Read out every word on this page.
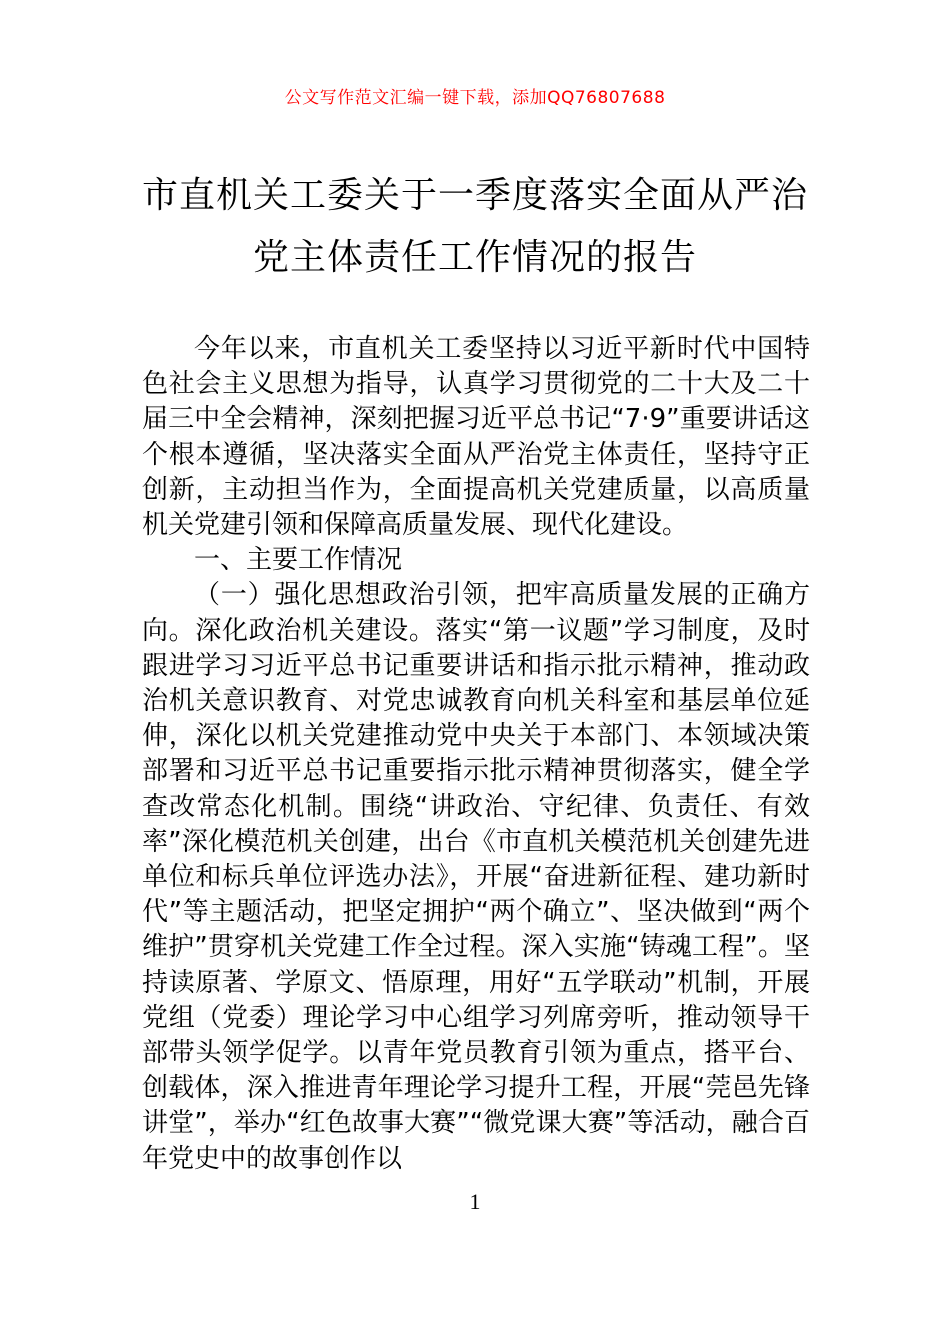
公文写作范文汇编一键下载，添加QQ76807688
市直机关工委关于一季度落实全面从严治
党主体责任工作情况的报告

今年以来，市直机关工委坚持以习近平新时代中国特色社会主义思想为指导，认真学习贯彻党的二十大及二十届三中全会精神，深刻把握习近平总书记“7·9”重要讲话这个根本遵循，坚决落实全面从严治党主体责任，坚持守正创新，主动担当作为，全面提高机关党建质量，以高质量机关党建引领和保障高质量发展、现代化建设。

一、主要工作情况

（一）强化思想政治引领，把牢高质量发展的正确方向。深化政治机关建设。落实“第一议题”学习制度，及时跟进学习习近平总书记重要讲话和指示批示精神，推动政治机关意识教育、对党忠诚教育向机关科室和基层单位延伸，深化以机关党建推动党中央关于本部门、本领域决策部署和习近平总书记重要指示批示精神贯彻落实，健全学查改常态化机制。围绕“讲政治、守纪律、负责任、有效率”深化模范机关创建，出台《市直机关模范机关创建先进单位和标兵单位评选办法》，开展“奋进新征程、建功新时代”等主题活动，把坚定拥护“两个确立”、坚决做到“两个维护”贯穿机关党建工作全过程。深入实施“铸魂工程”。坚持读原著、学原文、悟原理，用好“五学联动”机制，开展党组（党委）理论学习中心组学习列席旁听，推动领导干部带头领学促学。以青年党员教育引领为重点，搭平台、创载体，深入推进青年理论学习提升工程，开展“莞邑先锋讲堂”，举办“红色故事大赛”“微党课大赛”等活动，融合百年党史中的故事创作以

1
